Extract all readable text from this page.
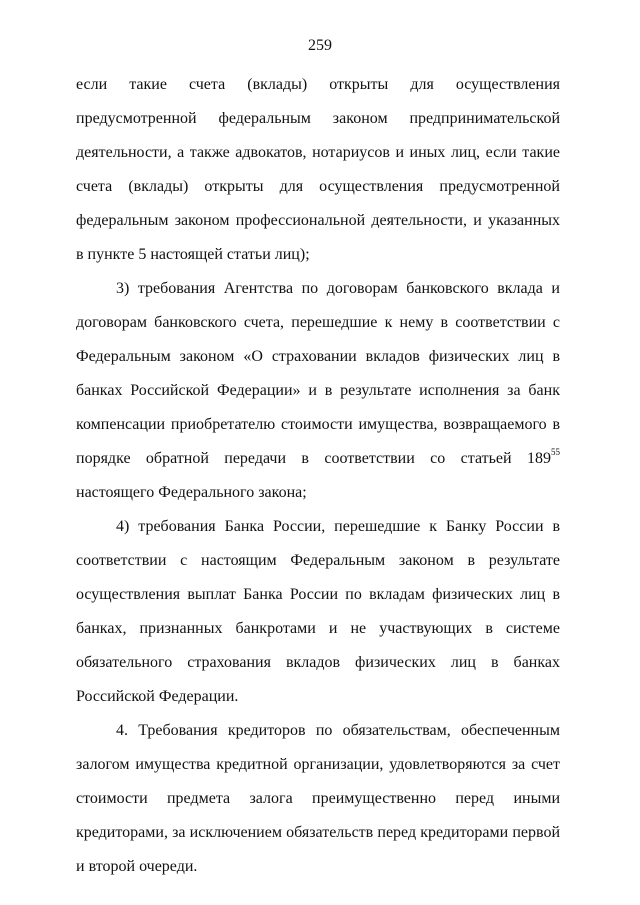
259

если такие счета (вклады) открыты для осуществления предусмотренной федеральным законом предпринимательской деятельности, а также адвокатов, нотариусов и иных лиц, если такие счета (вклады) открыты для осуществления предусмотренной федеральным законом профессиональной деятельности, и указанных в пункте 5 настоящей статьи лиц);

3) требования Агентства по договорам банковского вклада и договорам банковского счета, перешедшие к нему в соответствии с Федеральным законом «О страховании вкладов физических лиц в банках Российской Федерации» и в результате исполнения за банк компенсации приобретателю стоимости имущества, возвращаемого в порядке обратной передачи в соответствии со статьей $189^{55}$ настоящего Федерального закона;

4) требования Банка России, перешедшие к Банку России в соответствии с настоящим Федеральным законом в результате осуществления выплат Банка России по вкладам физических лиц в банках, признанных банкротами и не участвующих в системе обязательного страхования вкладов физических лиц в банках Российской Федерации.

4. Требования кредиторов по обязательствам, обеспеченным залогом имущества кредитной организации, удовлетворяются за счет стоимости предмета залога преимущественно перед иными кредиторами, за исключением обязательств перед кредиторами первой и второй очереди.
